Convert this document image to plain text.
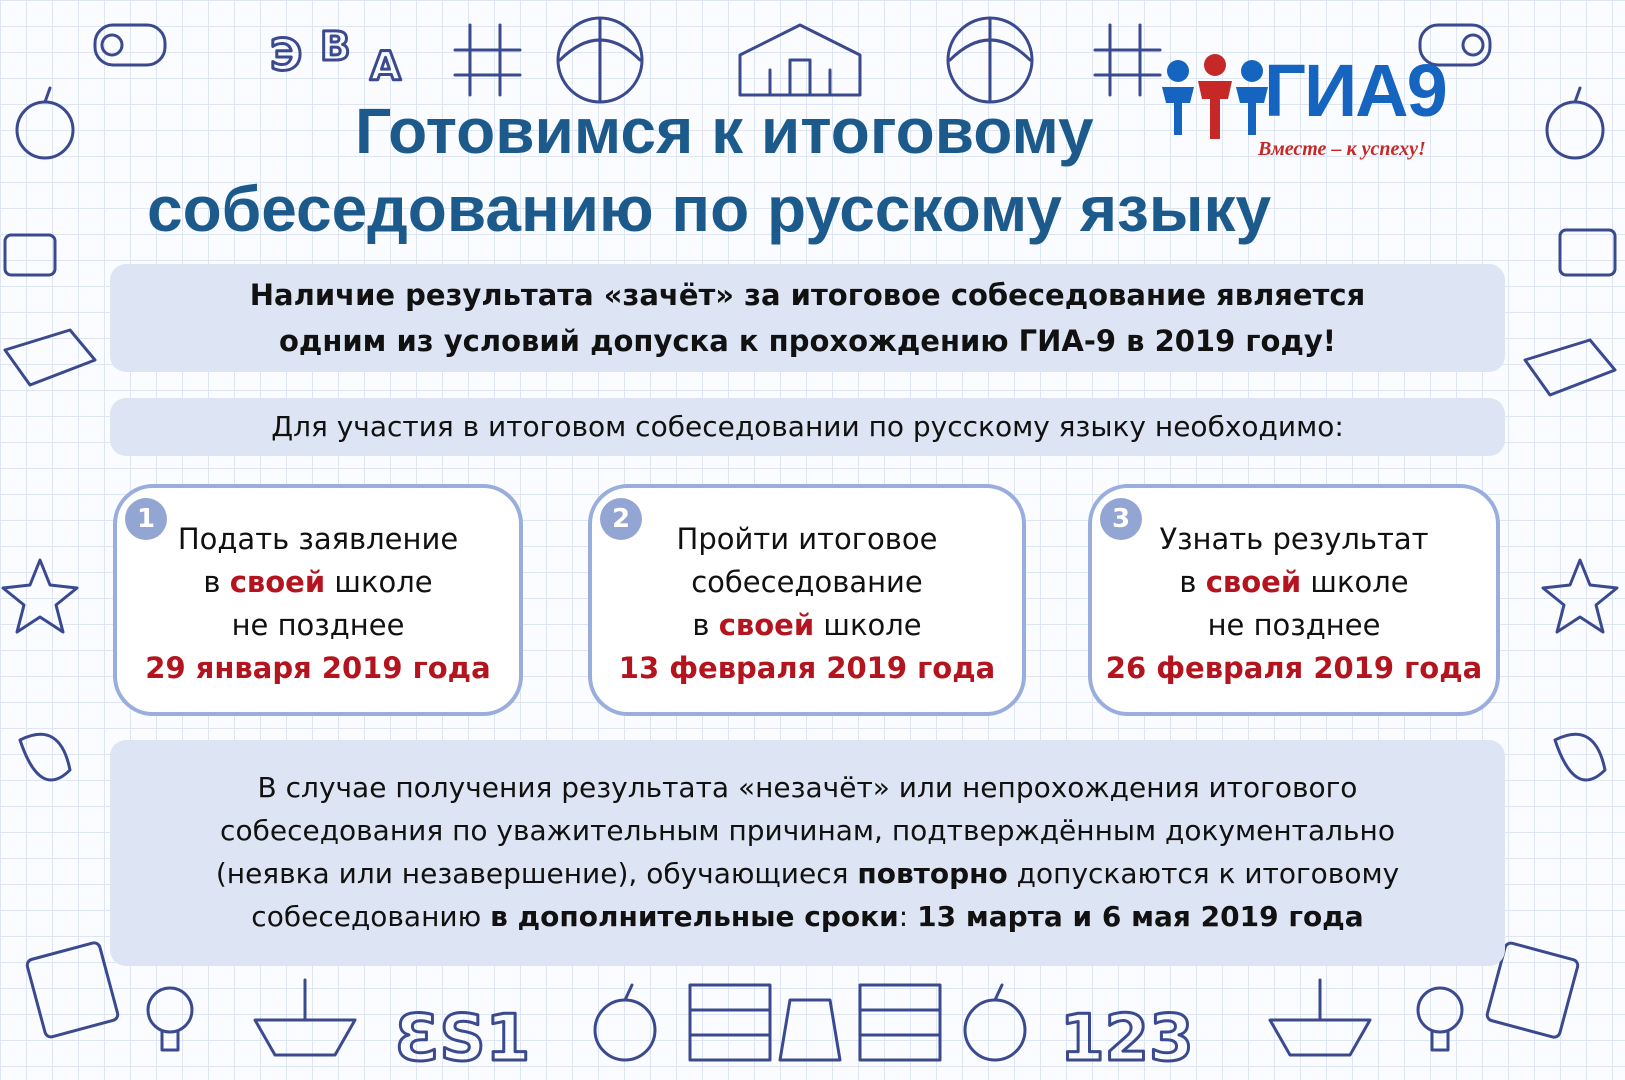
Э В A
ƐS1	123
Готовимся к итоговому
собеседованию по русскому языку
ГИА9
Вместе – к успеху!
Наличие результата «зачёт» за итоговое собеседование является
одним из условий допуска к прохождению ГИА-9 в 2019 году!
Для участия в итоговом собеседовании по русскому языку необходимо:
1
Подать заявление
в своей школе
не позднее
29 января 2019 года
2
Пройти итоговое
собеседование
в своей школе
13 февраля 2019 года
3
Узнать результат
в своей школе
не позднее
26 февраля 2019 года
В случае получения результата «незачёт» или непрохождения итогового
собеседования по уважительным причинам, подтверждённым документально
(неявка или незавершение), обучающиеся повторно допускаются к итоговому
собеседованию в дополнительные сроки: 13 марта и 6 мая 2019 года
